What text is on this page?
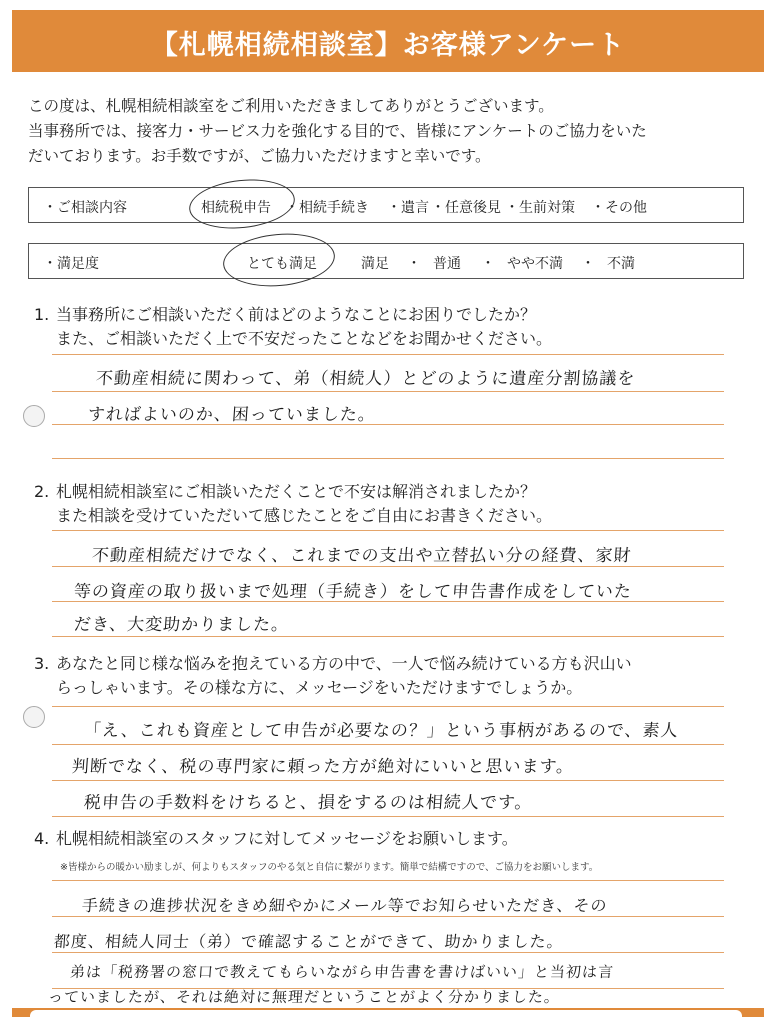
【札幌相続相談室】お客様アンケート

この度は、札幌相続相談室をご利用いただきましてありがとうございます。

当事務所では、接客力・サービス力を強化する目的で、皆様にアンケートのご協力をいた

だいております。お手数ですが、ご協力いただけますと幸いです。

・ご相談内容	相続税申告 ・ 相続手続き ・ 遺言 ・ 任意後見 ・ 生前対策 ・ その他
・満足度	とても満足	満足 ・ 普通 ・ やや不満 ・ 不満
1. 当事務所にご相談いただく前はどのようなことにお困りでしたか？
また、ご相談いただく上で不安だったことなどをお聞かせください。
不動産相続に関わって、弟（相続人）とどのように遺産分割協議を
すればよいのか、困っていました。
2. 札幌相続相談室にご相談いただくことで不安は解消されましたか？
また相談を受けていただいて感じたことをご自由にお書きください。
不動産相続だけでなく、これまでの支出や立替払い分の経費、家財
等の資産の取り扱いまで処理（手続き）をして申告書作成をしていた
だき、大変助かりました。
3. あなたと同じ様な悩みを抱えている方の中で、一人で悩み続けている方も沢山い
らっしゃいます。その様な方に、メッセージをいただけますでしょうか。
「え、これも資産として申告が必要なの？」という事柄があるので、素人
判断でなく、税の専門家に頼った方が絶対にいいと思います。
税申告の手数料をけちると、損をするのは相続人です。
4. 札幌相続相談室のスタッフに対してメッセージをお願いします。
※皆様からの暖かい励ましが、何よりもスタッフのやる気と自信に繋がります。簡単で結構ですので、ご協力をお願いします。
手続きの進捗状況をきめ細やかにメール等でお知らせいただき、その
都度、相続人同士（弟）で確認することができて、助かりました。
弟は「税務署の窓口で教えてもらいながら申告書を書けばいい」と当初は言
っていましたが、それは絶対に無理だということがよく分かりました。
